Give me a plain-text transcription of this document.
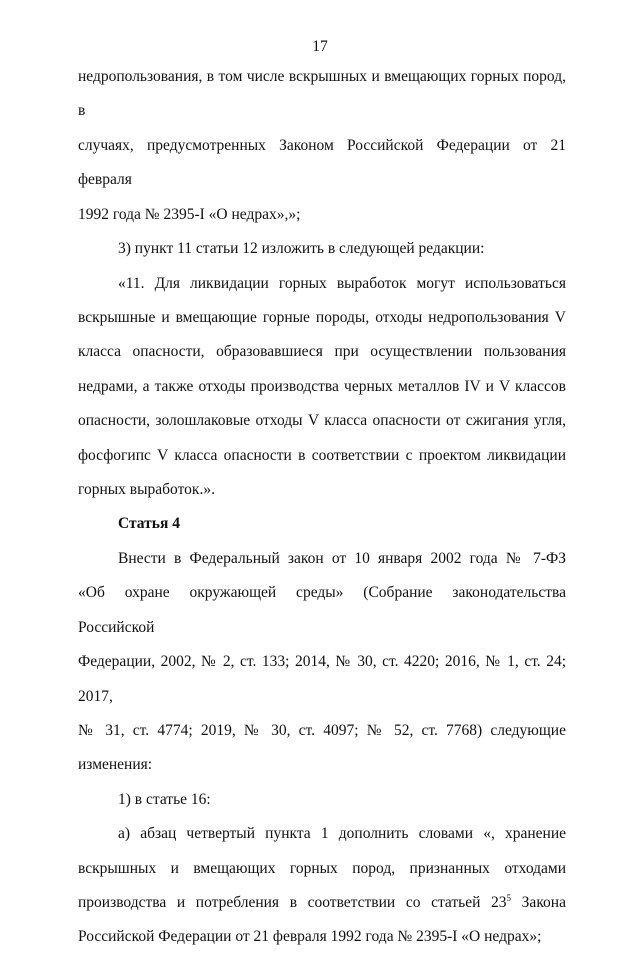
17

недропользования, в том числе вскрышных и вмещающих горных пород, в
случаях, предусмотренных Законом Российской Федерации от 21 февраля
1992 года № 2395-I «О недрах»,»;

3) пункт 11 статьи 12 изложить в следующей редакции:

«11. Для ликвидации горных выработок могут использоваться
вскрышные и вмещающие горные породы, отходы недропользования V
класса опасности, образовавшиеся при осуществлении пользования
недрами, а также отходы производства черных металлов IV и V классов
опасности, золошлаковые отходы V класса опасности от сжигания угля,
фосфогипс V класса опасности в соответствии с проектом ликвидации
горных выработок.».

Статья 4

Внести в Федеральный закон от 10 января 2002 года № 7-ФЗ
«Об охране окружающей среды» (Собрание законодательства Российской
Федерации, 2002, № 2, ст. 133; 2014, № 30, ст. 4220; 2016, № 1, ст. 24; 2017,
№ 31, ст. 4774; 2019, № 30, ст. 4097; № 52, ст. 7768) следующие изменения:

1) в статье 16:

а) абзац четвертый пункта 1 дополнить словами «, хранение
вскрышных и вмещающих горных пород, признанных отходами
производства и потребления в соответствии со статьей $23^5$ Закона
Российской Федерации от 21 февраля 1992 года № 2395-I «О недрах»;
